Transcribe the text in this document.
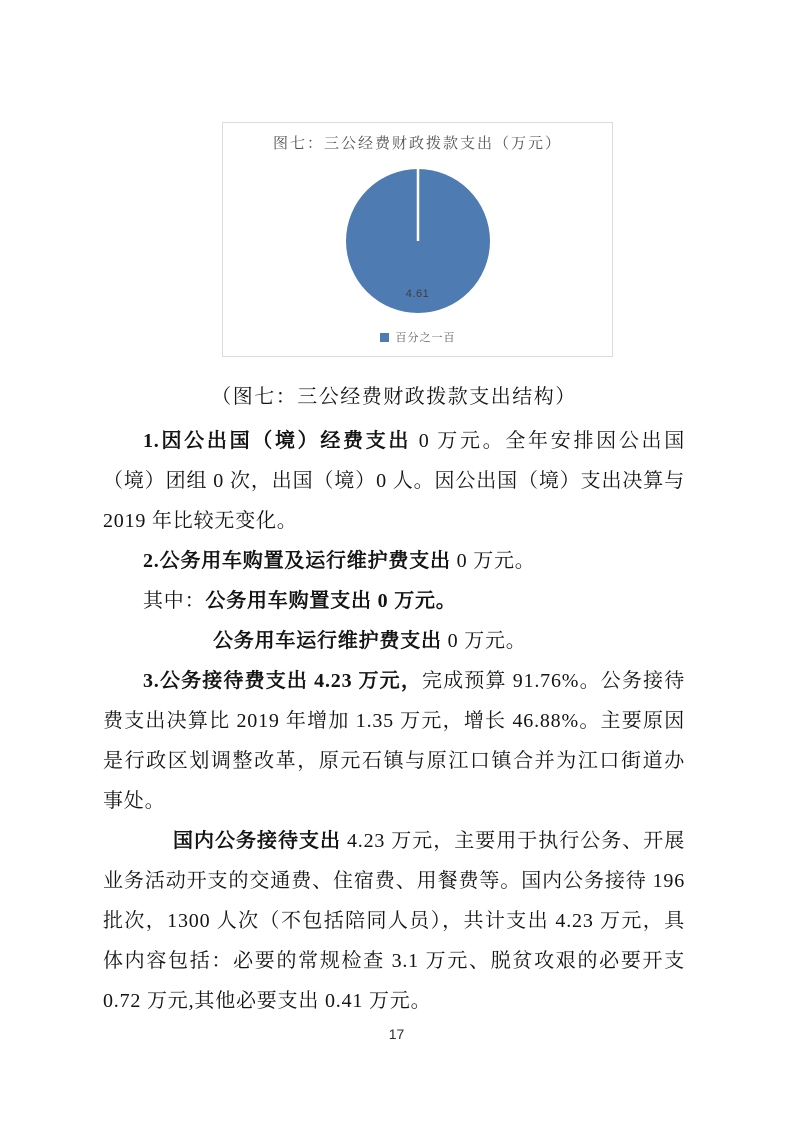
图七：三公经费财政拨款支出（万元）
4.61
百分之一百
（图七：三公经费财政拨款支出结构）

1.因公出国（境）经费支出 0 万元。全年安排因公出国（境）团组 0 次，出国（境）0 人。因公出国（境）支出决算与 2019 年比较无变化。

2.公务用车购置及运行维护费支出 0 万元。

其中：公务用车购置支出 0 万元。

公务用车运行维护费支出 0 万元。

3.公务接待费支出 4.23 万元，完成预算 91.76%。公务接待费支出决算比 2019 年增加 1.35 万元，增长 46.88%。主要原因是行政区划调整改革，原元石镇与原江口镇合并为江口街道办事处。

国内公务接待支出 4.23 万元，主要用于执行公务、开展业务活动开支的交通费、住宿费、用餐费等。国内公务接待 196 批次，1300 人次（不包括陪同人员），共计支出 4.23 万元，具体内容包括：必要的常规检查 3.1 万元、脱贫攻艰的必要开支 0.72 万元,其他必要支出 0.41 万元。

17
